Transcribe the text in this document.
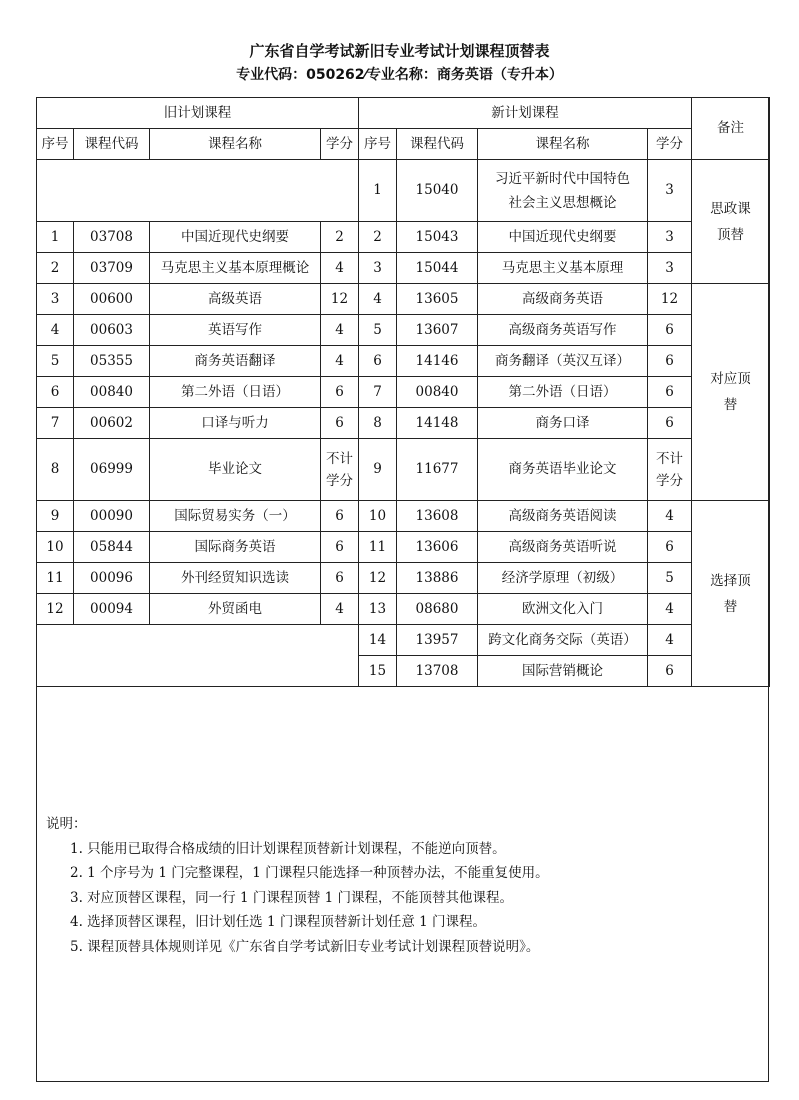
广东省自学考试新旧专业考试计划课程顶替表
专业代码：050262⁄专业名称：商务英语（专升本）
旧计划课程				新计划课程				备注	
序号	课程代码	课程名称	学分	序号	课程代码	课程名称	学分		
				1	15040	习近平新时代中国特色社会主义思想概论	3	思政课顶替	
1	03708	中国近现代史纲要	2	2	15043	中国近现代史纲要	3		
2	03709	马克思主义基本原理概论	4	3	15044	马克思主义基本原理	3		
3	00600	高级英语	12	4	13605	高级商务英语	12	对应顶替	
4	00603	英语写作	4	5	13607	高级商务英语写作	6		
5	05355	商务英语翻译	4	6	14146	商务翻译（英汉互译）	6		
6	00840	第二外语（日语）	6	7	00840	第二外语（日语）	6		
7	00602	口译与听力	6	8	14148	商务口译	6		
8	06999	毕业论文	不计学分	9	11677	商务英语毕业论文	不计学分		
9	00090	国际贸易实务（一）	6	10	13608	高级商务英语阅读	4	选择顶替	
10	05844	国际商务英语	6	11	13606	高级商务英语听说	6		
11	00096	外刊经贸知识选读	6	12	13886	经济学原理（初级）	5		
12	00094	外贸函电	4	13	08680	欧洲文化入门	4		
				14	13957	跨文化商务交际（英语）	4		
				15	13708	国际营销概论	6		
说明：
1. 只能用已取得合格成绩的旧计划课程顶替新计划课程，不能逆向顶替。
2. 1 个序号为 1 门完整课程，1 门课程只能选择一种顶替办法，不能重复使用。
3. 对应顶替区课程，同一行 1 门课程顶替 1 门课程，不能顶替其他课程。
4. 选择顶替区课程，旧计划任选 1 门课程顶替新计划任意 1 门课程。
5. 课程顶替具体规则详见《广东省自学考试新旧专业考试计划课程顶替说明》。
